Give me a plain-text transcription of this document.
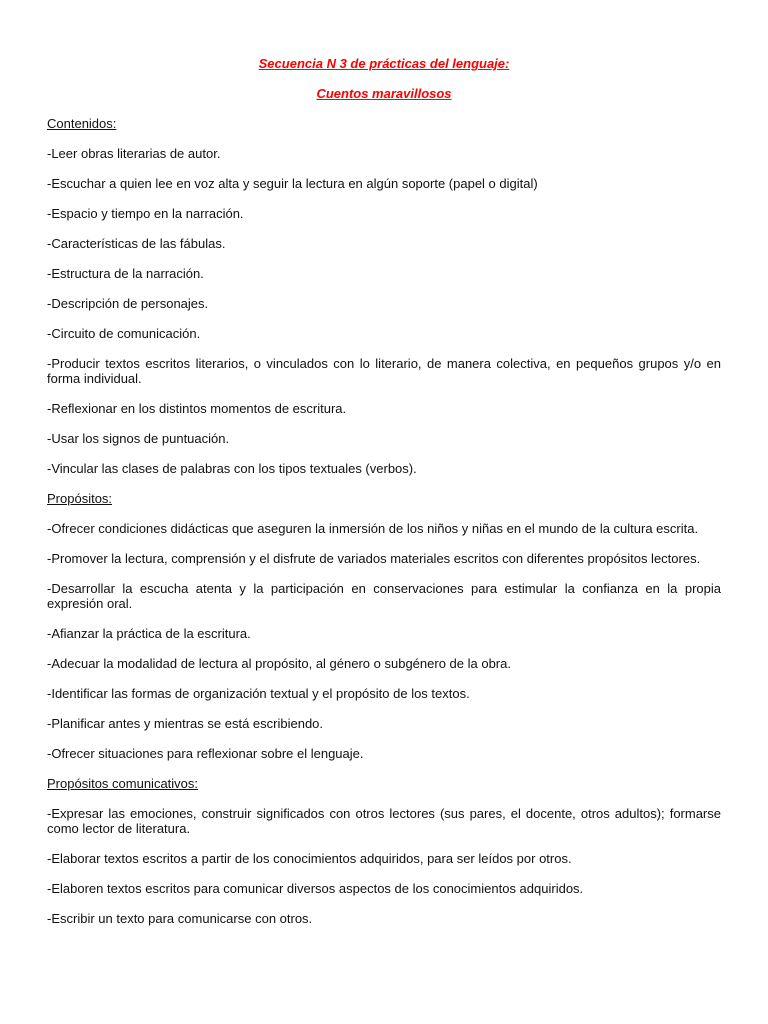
Secuencia N 3 de prácticas del lenguaje:
Cuentos maravillosos
Contenidos:
-Leer obras literarias de autor.
-Escuchar a quien lee en voz alta y seguir la lectura en algún soporte (papel o digital)
-Espacio y tiempo en la narración.
-Características de las fábulas.
-Estructura de la narración.
-Descripción de personajes.
-Circuito de comunicación.
-Producir textos escritos literarios, o vinculados con lo literario, de manera colectiva, en pequeños grupos y/o en forma individual.
-Reflexionar en los distintos momentos de escritura.
-Usar los signos de puntuación.
-Vincular las clases de palabras con los tipos textuales (verbos).
Propósitos:
-Ofrecer condiciones didácticas que aseguren la inmersión de los niños y niñas en el mundo de la cultura escrita.
-Promover la lectura, comprensión y el disfrute de variados materiales escritos con diferentes propósitos lectores.
-Desarrollar la escucha atenta y la participación en conservaciones para estimular la confianza en la propia expresión oral.
-Afianzar la práctica de la escritura.
-Adecuar la modalidad de lectura al propósito, al género o subgénero de la obra.
-Identificar las formas de organización textual y el propósito de los textos.
-Planificar antes y mientras se está escribiendo.
-Ofrecer situaciones para reflexionar sobre el lenguaje.
Propósitos comunicativos:
-Expresar las emociones, construir significados con otros lectores (sus pares, el docente, otros adultos); formarse como lector de literatura.
-Elaborar textos escritos a partir de los conocimientos adquiridos, para ser leídos por otros.
-Elaboren textos escritos para comunicar diversos aspectos de los conocimientos adquiridos.
-Escribir un texto para comunicarse con otros.
